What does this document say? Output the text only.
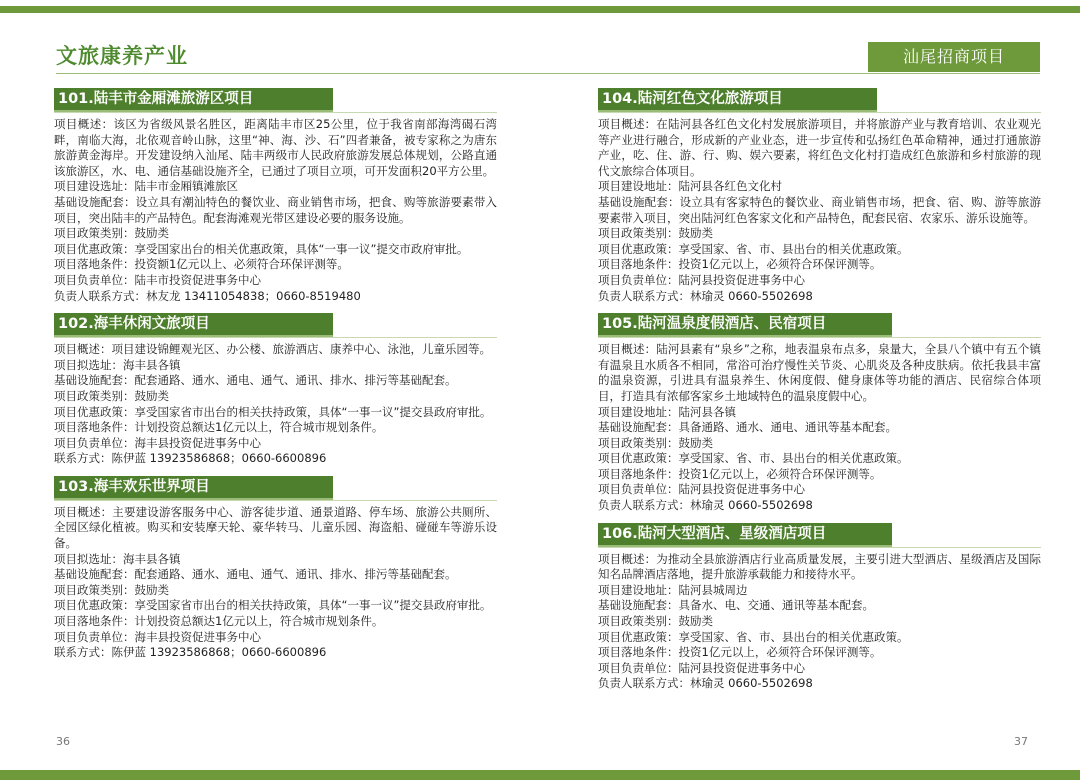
文旅康养产业	汕尾招商项目
101.陆丰市金厢滩旅游区项目
项目概述：该区为省级风景名胜区，距离陆丰市区25公里，位于我省南部海湾碣石湾畔，南临大海，北依观音岭山脉，这里“神、海、沙、石”四者兼备，被专家称之为唐东旅游黄金海岸。开发建设纳入汕尾、陆丰两级市人民政府旅游发展总体规划，公路直通该旅游区，水、电、通信基础设施齐全，已通过了项目立项，可开发面积20平方公里。
项目建设选址：陆丰市金厢镇滩旅区
基础设施配套：设立具有潮汕特色的餐饮业、商业销售市场，把食、购等旅游要素带入项目，突出陆丰的产品特色。配套海滩观光带区建设必要的服务设施。
项目政策类别：鼓励类
项目优惠政策：享受国家出台的相关优惠政策，具体“一事一议”提交市政府审批。
项目落地条件：投资额1亿元以上、必须符合环保评测等。
项目负责单位：陆丰市投资促进事务中心
负责人联系方式：林友龙 13411054838；0660-8519480
102.海丰休闲文旅项目
项目概述：项目建设锦鲤观光区、办公楼、旅游酒店、康养中心、泳池，儿童乐园等。
项目拟选址：海丰县各镇
基础设施配套：配套通路、通水、通电、通气、通讯、排水、排污等基础配套。
项目政策类别：鼓励类
项目优惠政策：享受国家省市出台的相关扶持政策，具体“一事一议”提交县政府审批。
项目落地条件：计划投资总额达1亿元以上，符合城市规划条件。
项目负责单位：海丰县投资促进事务中心
联系方式：陈伊蓝 13923586868；0660-6600896
103.海丰欢乐世界项目
项目概述：主要建设游客服务中心、游客徒步道、通景道路、停车场、旅游公共厕所、全园区绿化植被。购买和安装摩天轮、豪华转马、儿童乐园、海盗船、碰碰车等游乐设备。
项目拟选址：海丰县各镇
基础设施配套：配套通路、通水、通电、通气、通讯、排水、排污等基础配套。
项目政策类别：鼓励类
项目优惠政策：享受国家省市出台的相关扶持政策，具体“一事一议”提交县政府审批。
项目落地条件：计划投资总额达1亿元以上，符合城市规划条件。
项目负责单位：海丰县投资促进事务中心
联系方式：陈伊蓝 13923586868；0660-6600896
104.陆河红色文化旅游项目
项目概述：在陆河县各红色文化村发展旅游项目，并将旅游产业与教育培训、农业观光等产业进行融合，形成新的产业业态，进一步宣传和弘扬红色革命精神，通过打通旅游产业，吃、住、游、行、购、娱六要素，将红色文化村打造成红色旅游和乡村旅游的现代文旅综合体项目。
项目建设地址：陆河县各红色文化村
基础设施配套：设立具有客家特色的餐饮业、商业销售市场，把食、宿、购、游等旅游要素带入项目，突出陆河红色客家文化和产品特色，配套民宿、农家乐、游乐设施等。
项目政策类别：鼓励类
项目优惠政策：享受国家、省、市、县出台的相关优惠政策。
项目落地条件：投资1亿元以上，必须符合环保评测等。
项目负责单位：陆河县投资促进事务中心
负责人联系方式：林瑜灵 0660-5502698
105.陆河温泉度假酒店、民宿项目
项目概述：陆河县素有“泉乡”之称，地表温泉布点多，泉量大，全县八个镇中有五个镇有温泉且水质各不相同，常浴可治疗慢性关节炎、心肌炎及各种皮肤病。依托我县丰富的温泉资源，引进具有温泉养生、休闲度假、健身康体等功能的酒店、民宿综合体项目，打造具有浓郁客家乡土地域特色的温泉度假中心。
项目建设地址：陆河县各镇
基础设施配套：具备通路、通水、通电、通讯等基本配套。
项目政策类别：鼓励类
项目优惠政策：享受国家、省、市、县出台的相关优惠政策。
项目落地条件：投资1亿元以上，必须符合环保评测等。
项目负责单位：陆河县投资促进事务中心
负责人联系方式：林瑜灵 0660-5502698
106.陆河大型酒店、星级酒店项目
项目概述：为推动全县旅游酒店行业高质量发展，主要引进大型酒店、星级酒店及国际知名品牌酒店落地，提升旅游承载能力和接待水平。
项目建设地址：陆河县城周边
基础设施配套：具备水、电、交通、通讯等基本配套。
项目政策类别：鼓励类
项目优惠政策：享受国家、省、市、县出台的相关优惠政策。
项目落地条件：投资1亿元以上，必须符合环保评测等。
项目负责单位：陆河县投资促进事务中心
负责人联系方式：林瑜灵 0660-5502698
36	37
